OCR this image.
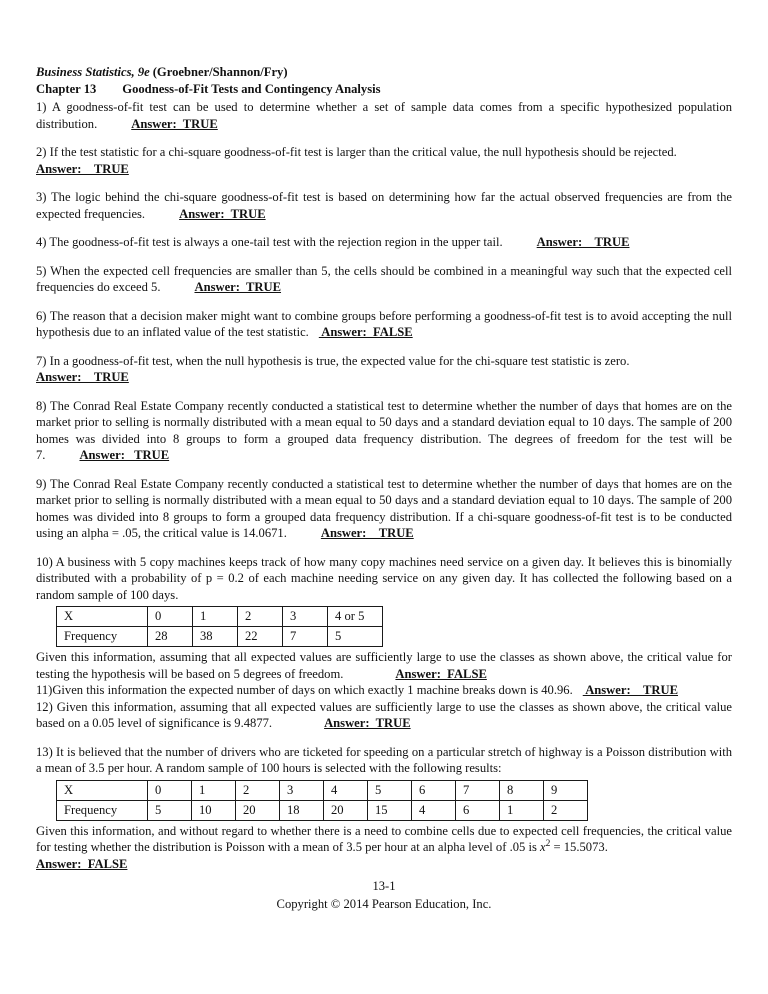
Business Statistics, 9e (Groebner/Shannon/Fry)

Chapter 13 Goodness-of-Fit Tests and Contingency Analysis

1) A goodness-of-fit test can be used to determine whether a set of sample data comes from a specific hypothesized population distribution.	Answer:  TRUE

2) If the test statistic for a chi-square goodness-of-fit test is larger than the critical value, the null hypothesis should be rejected.
Answer:    TRUE

3) The logic behind the chi-square goodness-of-fit test is based on determining how far the actual observed frequencies are from the expected frequencies.	Answer:  TRUE

4) The goodness-of-fit test is always a one-tail test with the rejection region in the upper tail.	Answer:    TRUE

5) When the expected cell frequencies are smaller than 5, the cells should be combined in a meaningful way such that the expected cell frequencies do exceed 5.	Answer:  TRUE

6) The reason that a decision maker might want to combine groups before performing a goodness-of-fit test is to avoid accepting the null hypothesis due to an inflated value of the test statistic. Answer:  FALSE

7) In a goodness-of-fit test, when the null hypothesis is true, the expected value for the chi-square test statistic is zero.
Answer:    TRUE

8) The Conrad Real Estate Company recently conducted a statistical test to determine whether the number of days that homes are on the market prior to selling is normally distributed with a mean equal to 50 days and a standard deviation equal to 10 days. The sample of 200 homes was divided into 8 groups to form a grouped data frequency distribution. The degrees of freedom for the test will be 7.	Answer:   TRUE

9) The Conrad Real Estate Company recently conducted a statistical test to determine whether the number of days that homes are on the market prior to selling is normally distributed with a mean equal to 50 days and a standard deviation equal to 10 days. The sample of 200 homes was divided into 8 groups to form a grouped data frequency distribution. If a chi-square goodness-of-fit test is to be conducted using an alpha = .05, the critical value is 14.0671.	Answer:    TRUE

10) A business with 5 copy machines keeps track of how many copy machines need service on a given day. It believes this is binomially distributed with a probability of p = 0.2 of each machine needing service on any given day. It has collected the following based on a random sample of 100 days.

X	0	1	2	3	4 or 5
Frequency	28	38	22	7	5

Given this information, assuming that all expected values are sufficiently large to use the classes as shown above, the critical value for testing the hypothesis will be based on 5 degrees of freedom.	Answer:  FALSE

11)Given this information the expected number of days on which exactly 1 machine breaks down is 40.96. Answer:    TRUE

12) Given this information, assuming that all expected values are sufficiently large to use the classes as shown above, the critical value based on a 0.05 level of significance is 9.4877.	Answer:  TRUE

13) It is believed that the number of drivers who are ticketed for speeding on a particular stretch of highway is a Poisson distribution with a mean of 3.5 per hour. A random sample of 100 hours is selected with the following results:

X	0	1	2	3	4	5	6	7	8	9
Frequency	5	10	20	18	20	15	4	6	1	2

Given this information, and without regard to whether there is a need to combine cells due to expected cell frequencies, the critical value for testing whether the distribution is Poisson with a mean of 3.5 per hour at an alpha level of .05 is $x^2 = 15.5073$.
Answer:  FALSE

13-1
Copyright © 2014 Pearson Education, Inc.
